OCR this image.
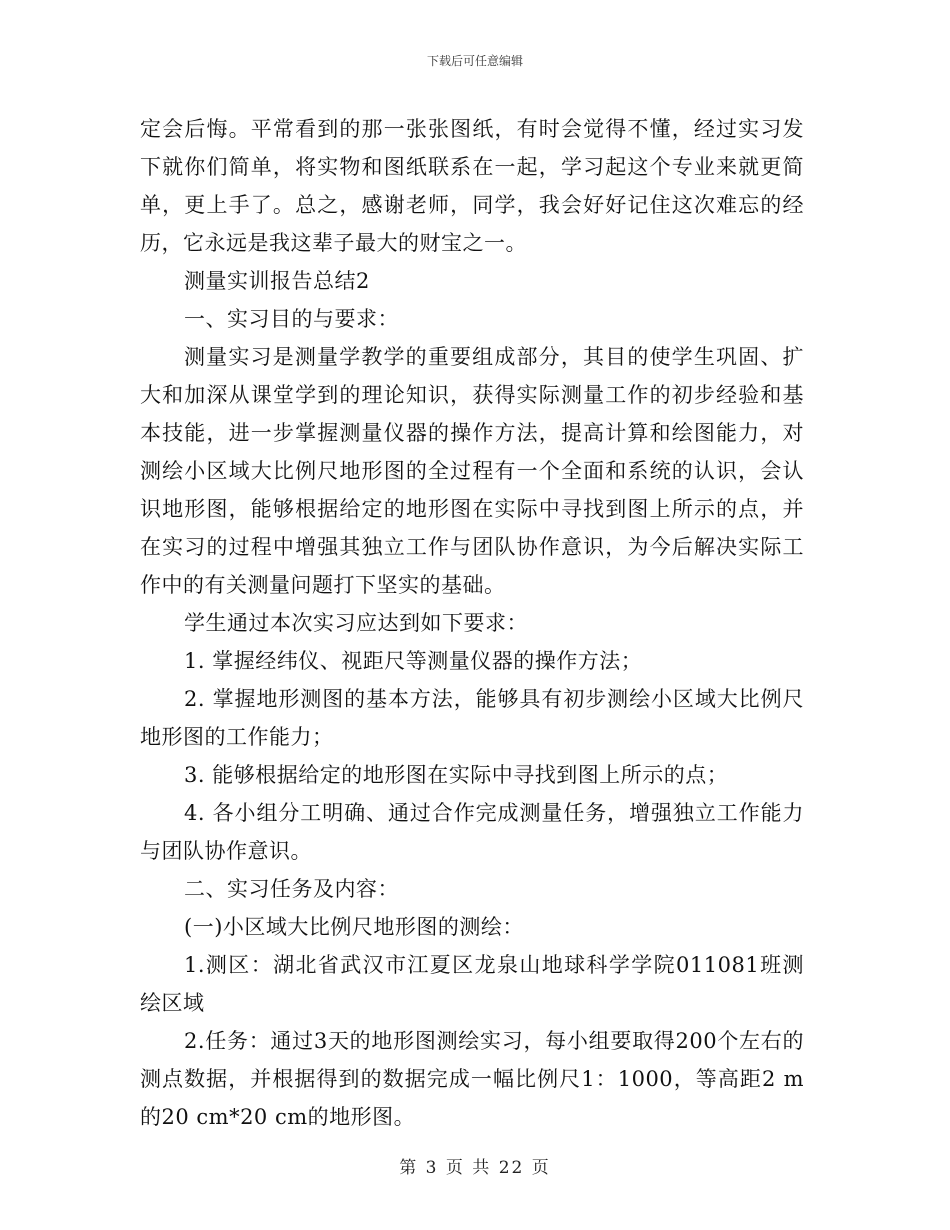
下载后可任意编辑

定会后悔。平常看到的那一张张图纸，有时会觉得不懂，经过实习发下就你们简单，将实物和图纸联系在一起，学习起这个专业来就更简单，更上手了。总之，感谢老师，同学，我会好好记住这次难忘的经历，它永远是我这辈子最大的财宝之一。

测量实训报告总结2

一、实习目的与要求：

测量实习是测量学教学的重要组成部分，其目的使学生巩固、扩大和加深从课堂学到的理论知识，获得实际测量工作的初步经验和基本技能，进一步掌握测量仪器的操作方法，提高计算和绘图能力，对测绘小区域大比例尺地形图的全过程有一个全面和系统的认识，会认识地形图，能够根据给定的地形图在实际中寻找到图上所示的点，并在实习的过程中增强其独立工作与团队协作意识，为今后解决实际工作中的有关测量问题打下坚实的基础。

学生通过本次实习应达到如下要求：

1. 掌握经纬仪、视距尺等测量仪器的操作方法；

2. 掌握地形测图的基本方法，能够具有初步测绘小区域大比例尺地形图的工作能力；

3. 能够根据给定的地形图在实际中寻找到图上所示的点；

4. 各小组分工明确、通过合作完成测量任务，增强独立工作能力与团队协作意识。

二、实习任务及内容：

(一)小区域大比例尺地形图的测绘：

1.测区：湖北省武汉市江夏区龙泉山地球科学学院011081班测绘区域

2.任务：通过3天的地形图测绘实习，每小组要取得200个左右的测点数据，并根据得到的数据完成一幅比例尺1：1000，等高距2 m的20 cm*20 cm的地形图。

第 3 页 共 22 页
